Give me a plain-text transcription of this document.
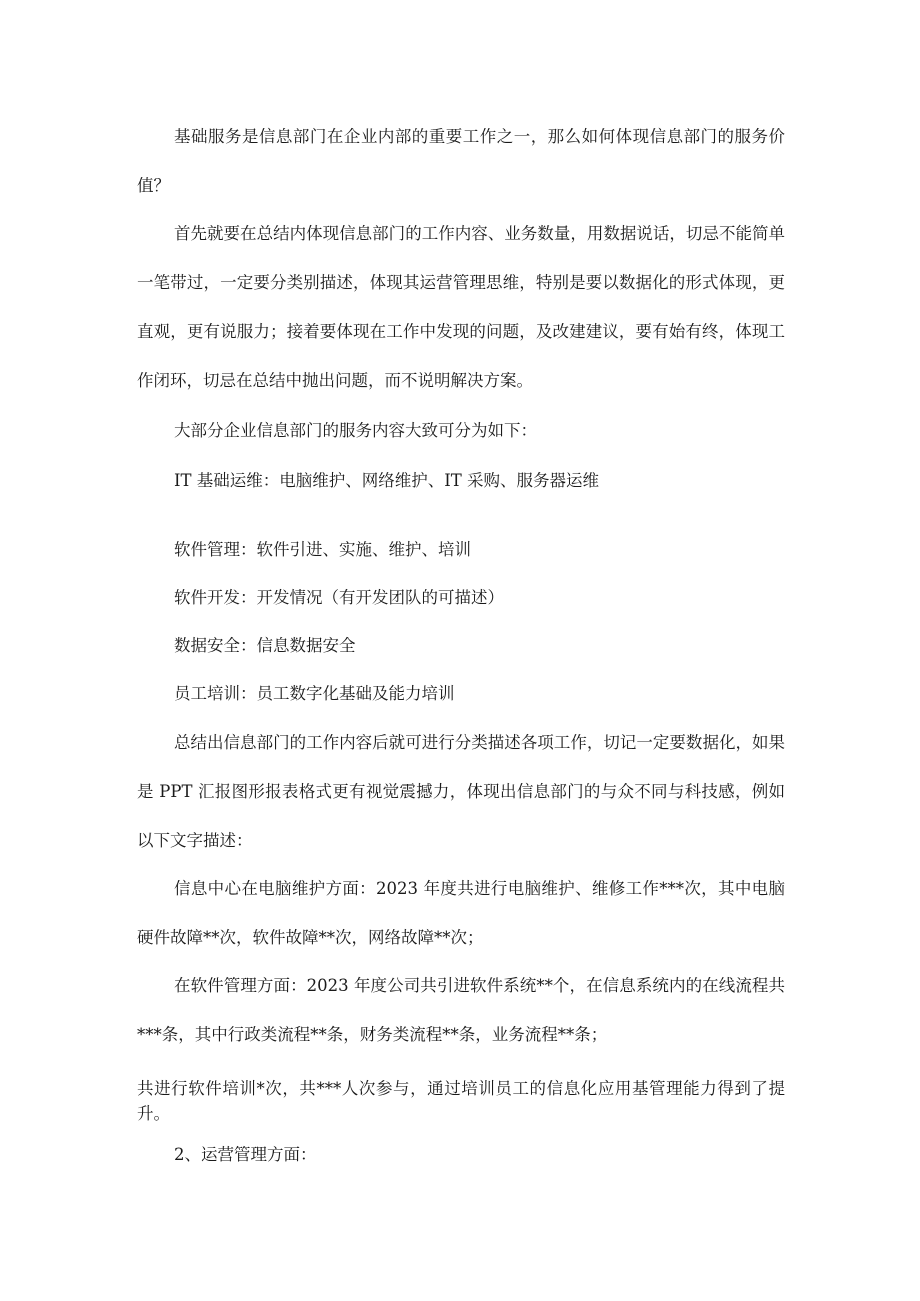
基础服务是信息部门在企业内部的重要工作之一，那么如何体现信息部门的服务价值？

首先就要在总结内体现信息部门的工作内容、业务数量，用数据说话，切忌不能简单一笔带过，一定要分类别描述，体现其运营管理思维，特别是要以数据化的形式体现，更直观，更有说服力；接着要体现在工作中发现的问题，及改建建议，要有始有终，体现工作闭环，切忌在总结中抛出问题，而不说明解决方案。

大部分企业信息部门的服务内容大致可分为如下：

IT 基础运维：电脑维护、网络维护、IT 采购、服务器运维

软件管理：软件引进、实施、维护、培训

软件开发：开发情况（有开发团队的可描述）

数据安全：信息数据安全

员工培训：员工数字化基础及能力培训

总结出信息部门的工作内容后就可进行分类描述各项工作，切记一定要数据化，如果是 PPT 汇报图形报表格式更有视觉震撼力，体现出信息部门的与众不同与科技感，例如以下文字描述：

信息中心在电脑维护方面：2023 年度共进行电脑维护、维修工作***次，其中电脑硬件故障**次，软件故障**次，网络故障**次；

在软件管理方面：2023 年度公司共引进软件系统**个，在信息系统内的在线流程共***条，其中行政类流程**条，财务类流程**条，业务流程**条；

共进行软件培训*次，共***人次参与，通过培训员工的信息化应用基管理能力得到了提升。

2、运营管理方面：
